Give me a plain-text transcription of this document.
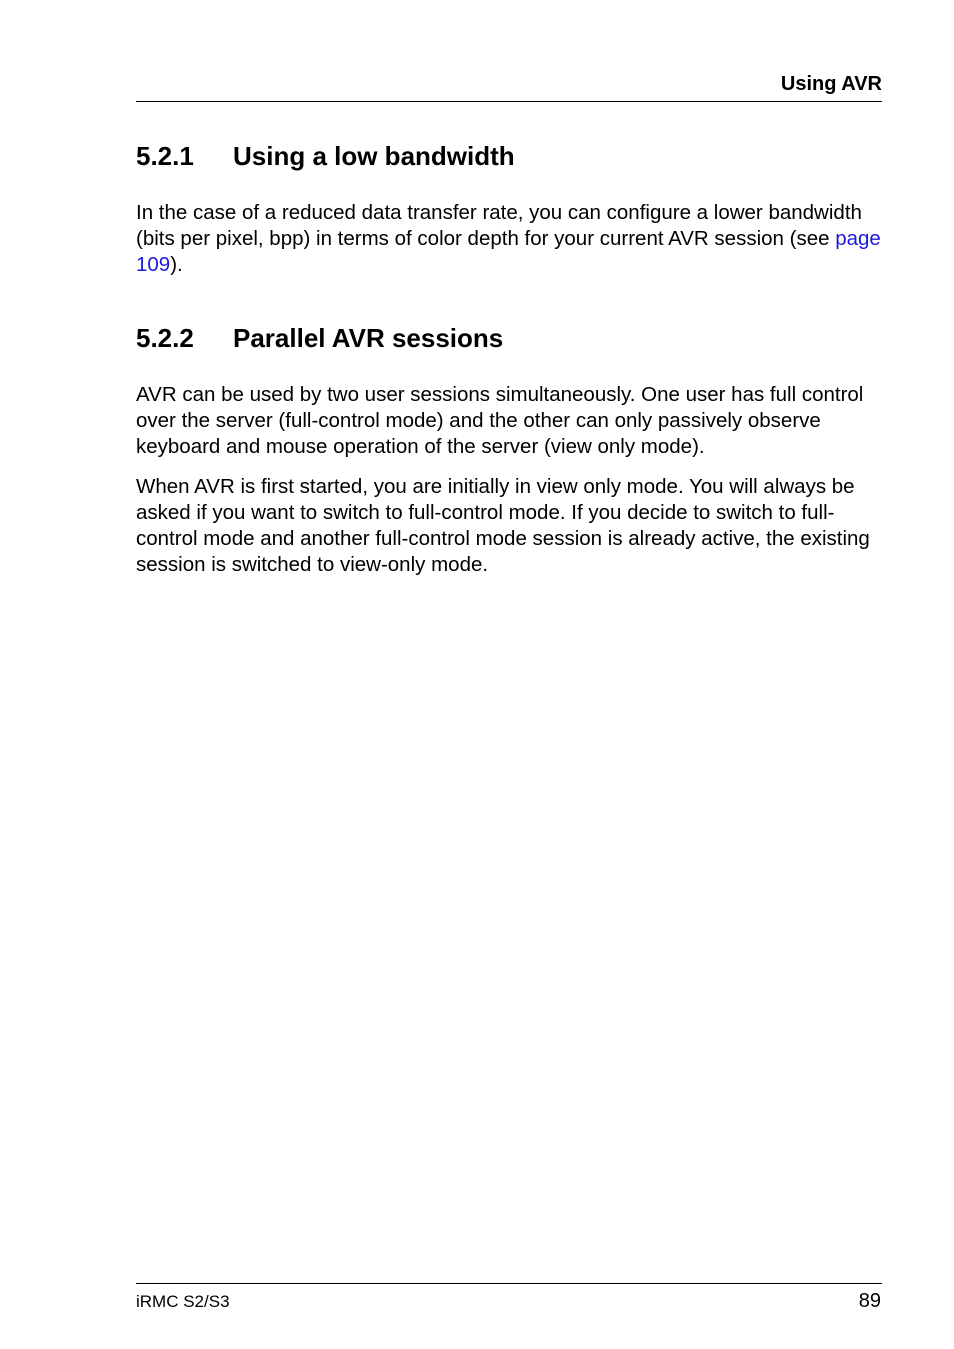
Using AVR
5.2.1 Using a low bandwidth

In the case of a reduced data transfer rate, you can configure a lower bandwidth (bits per pixel, bpp) in terms of color depth for your current AVR session (see page 109).

5.2.2 Parallel AVR sessions

AVR can be used by two user sessions simultaneously. One user has full control over the server (full-control mode) and the other can only passively observe keyboard and mouse operation of the server (view only mode).

When AVR is first started, you are initially in view only mode. You will always be asked if you want to switch to full-control mode. If you decide to switch to full-control mode and another full-control mode session is already active, the existing session is switched to view-only mode.

iRMC S2/S3	89
